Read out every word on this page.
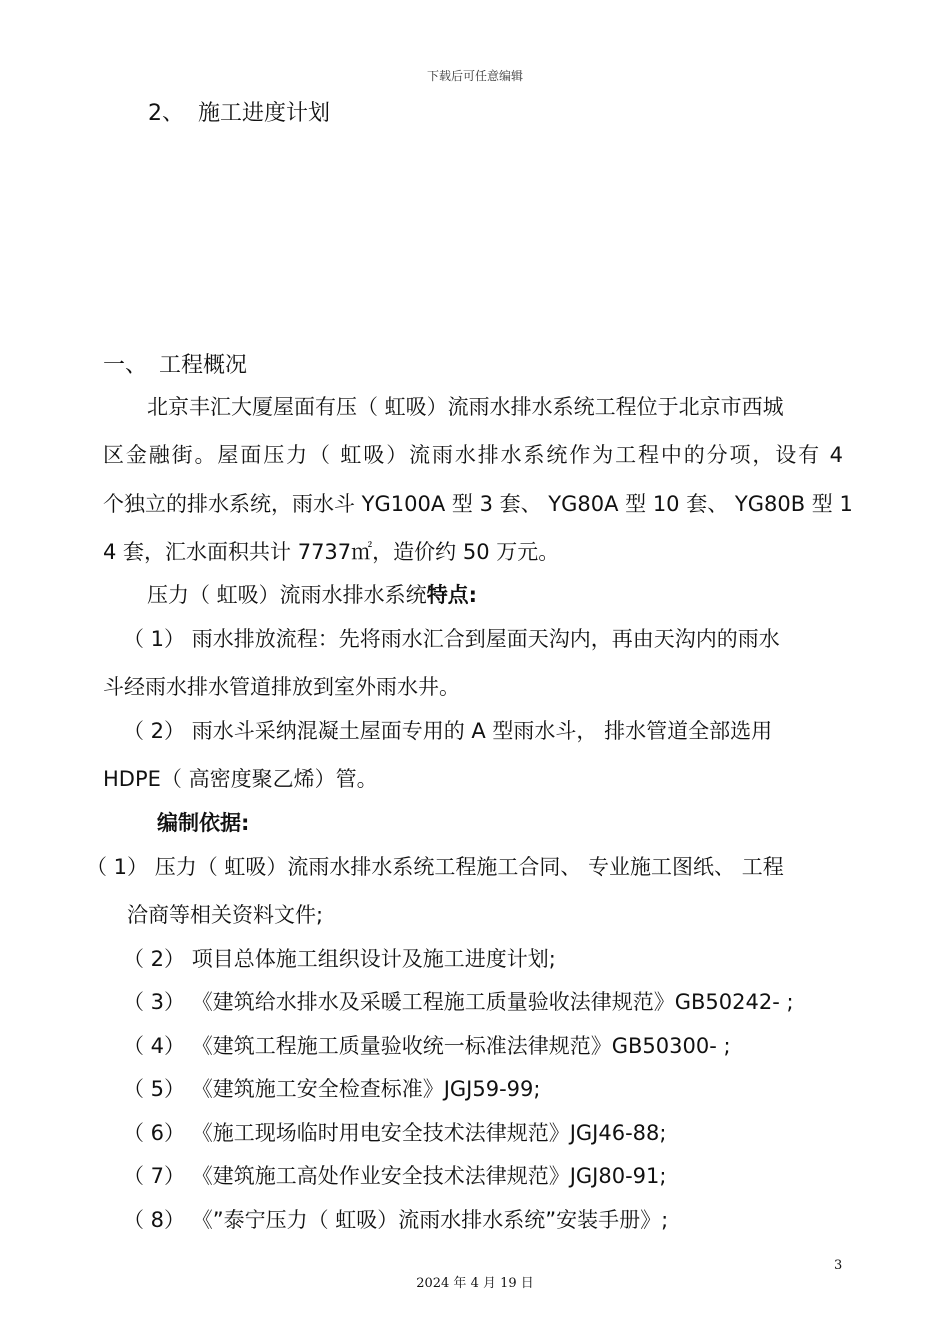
下载后可任意编辑
2、 施工进度计划
一、 工程概况
北京丰汇大厦屋面有压（ 虹吸）流雨水排水系统工程位于北京市西城
区金融街。屋面压力（ 虹吸）流雨水排水系统作为工程中的分项，设有 4
个独立的排水系统，雨水斗 YG100A 型 3 套、 YG80A 型 10 套、 YG80B 型 1
4 套，汇水面积共计 7737㎡，造价约 50 万元。
压力（ 虹吸）流雨水排水系统特点:
（ 1） 雨水排放流程：先将雨水汇合到屋面天沟内，再由天沟内的雨水
斗经雨水排水管道排放到室外雨水井。
（ 2） 雨水斗采纳混凝土屋面专用的 A 型雨水斗， 排水管道全部选用
HDPE（ 高密度聚乙烯）管。
编制依据:
（ 1） 压力（ 虹吸）流雨水排水系统工程施工合同、 专业施工图纸、 工程
洽商等相关资料文件;
（ 2） 项目总体施工组织设计及施工进度计划;
（ 3） 《建筑给水排水及采暖工程施工质量验收法律规范》GB50242- ;
（ 4） 《建筑工程施工质量验收统一标准法律规范》GB50300- ;
（ 5） 《建筑施工安全检查标准》JGJ59-99;
（ 6） 《施工现场临时用电安全技术法律规范》JGJ46-88;
（ 7） 《建筑施工高处作业安全技术法律规范》JGJ80-91;
（ 8） 《”泰宁压力（ 虹吸）流雨水排水系统”安装手册》;
3
2024 年 4 月 19 日
